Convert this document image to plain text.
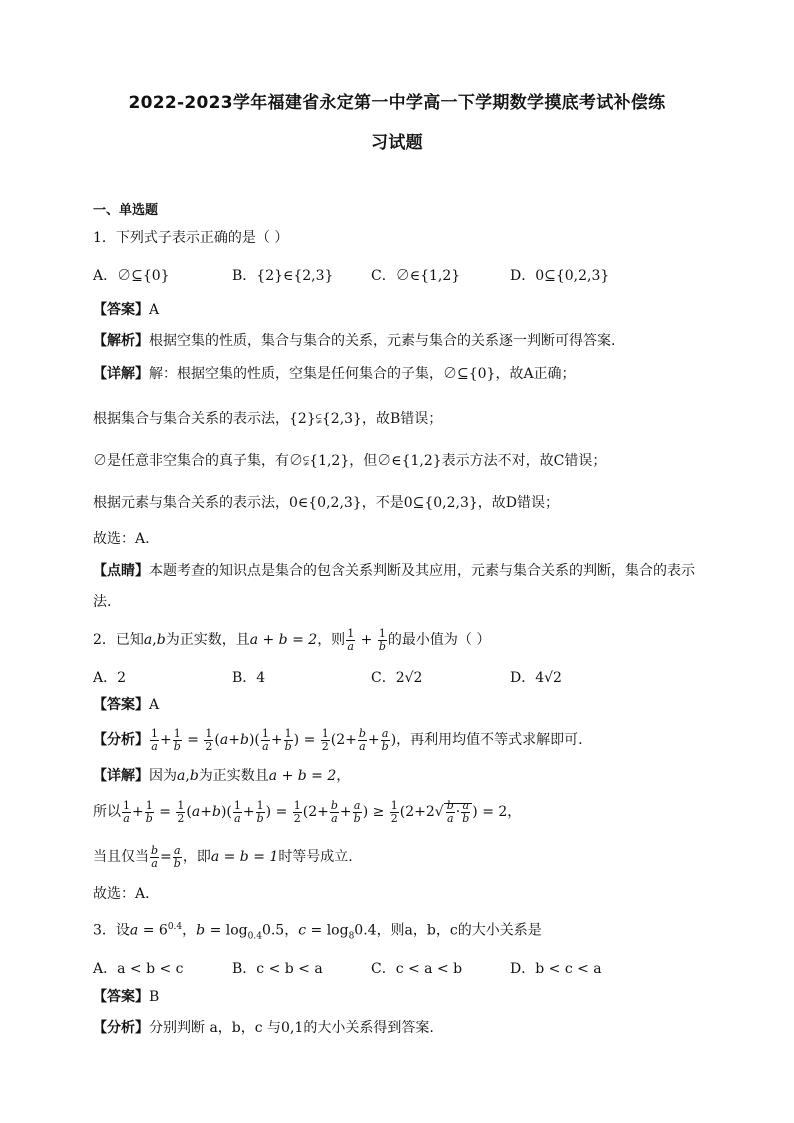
2022-2023学年福建省永定第一中学高一下学期数学摸底考试补偿练
习试题
一、单选题
1．下列式子表示正确的是（ ）
A．∅⊆{0}	B．{2}∈{2,3}	C．∅∈{1,2}	D．0⊆{0,2,3}
【答案】A
【解析】根据空集的性质，集合与集合的关系，元素与集合的关系逐一判断可得答案.
【详解】解：根据空集的性质，空集是任何集合的子集，∅⊆{0}，故A正确；
根据集合与集合关系的表示法，{2}⫋{2,3}，故B错误；
∅是任意非空集合的真子集，有∅⫋{1,2}，但∅∈{1,2}表示方法不对，故C错误；
根据元素与集合关系的表示法，0∈{0,2,3}，不是0⊆{0,2,3}，故D错误；
故选：A.
【点睛】本题考查的知识点是集合的包含关系判断及其应用，元素与集合关系的判断，集合的表示
法.
2．已知a,b为正实数，且a + b = 2，则 $\frac{1}{a} + \frac{1}{b}$ 的最小值为（ ）
A．2	B．4	C．2√2	D．4√2
【答案】A
【分析】 $\frac{1}{a} + \frac{1}{b} = \frac{1}{2} (a+b)( \frac{1}{a} + \frac{1}{b}$ ) = $\frac{1}{2} (2+ \frac{b}{a} + \frac{a}{b}$ )，再利用均值不等式求解即可.
【详解】因为a,b为正实数且a + b = 2，
所以 $\frac{1}{a} + \frac{1}{b} = \frac{1}{2} (a+b)( \frac{1}{a} + \frac{1}{b}$ ) = $\frac{1}{2} (2+ \frac{b}{a} + \frac{a}{b}$ ) ≥ $\frac{1}{2} (2+2√ \frac{b}{a} \cdot \frac{a}{b}$ ) = 2，
当且仅当 $\frac{b}{a} = \frac{a}{b}$ ，即a = b = 1时等号成立.
故选：A．
3．设$a = 6^{0.4}$，$b = \log_{0.4}0.5$，$c = \log_80.4$，则a，b，c的大小关系是
A．a < b < c	B．c < b < a	C．c < a < b	D．b < c < a
【答案】B
【分析】分别判断 a，b，c 与0,1的大小关系得到答案.
